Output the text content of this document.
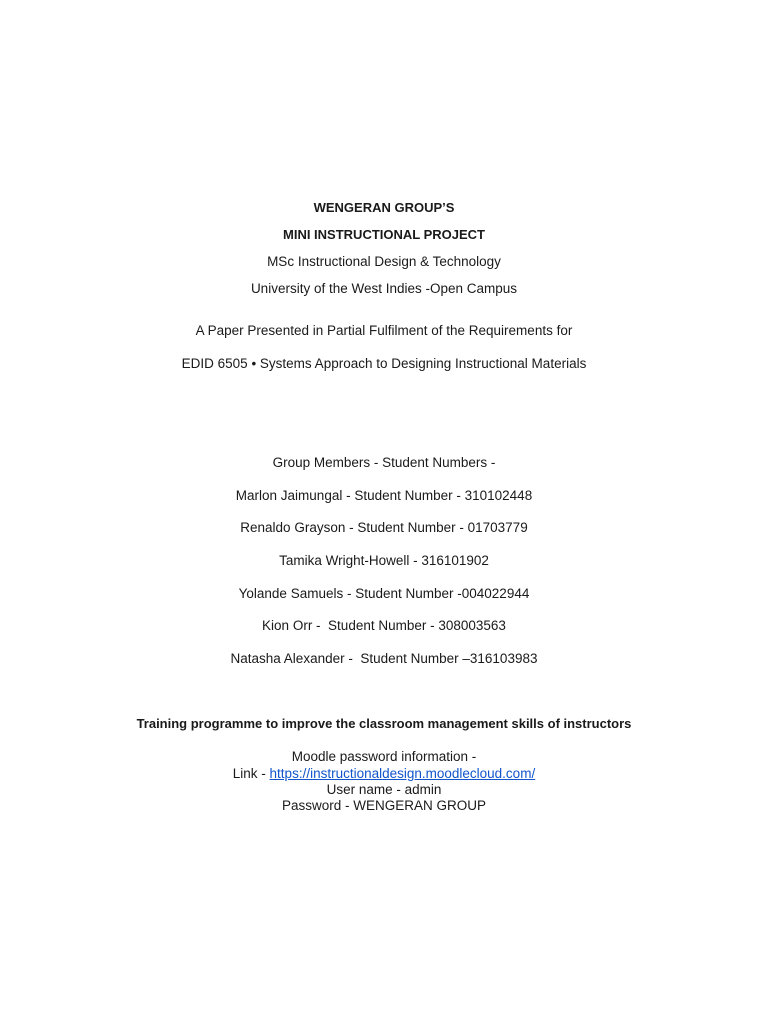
WENGERAN GROUP’S
MINI INSTRUCTIONAL PROJECT
MSc Instructional Design & Technology
University of the West Indies -Open Campus
A Paper Presented in Partial Fulfilment of the Requirements for
EDID 6505 • Systems Approach to Designing Instructional Materials
Group Members - Student Numbers -
Marlon Jaimungal - Student Number - 310102448
Renaldo Grayson - Student Number - 01703779
Tamika Wright-Howell - 316101902
Yolande Samuels - Student Number -004022944
Kion Orr -  Student Number - 308003563
Natasha Alexander -  Student Number –316103983
Training programme to improve the classroom management skills of instructors
Moodle password information -
Link - https://instructionaldesign.moodlecloud.com/
User name - admin
Password - WENGERAN GROUP
